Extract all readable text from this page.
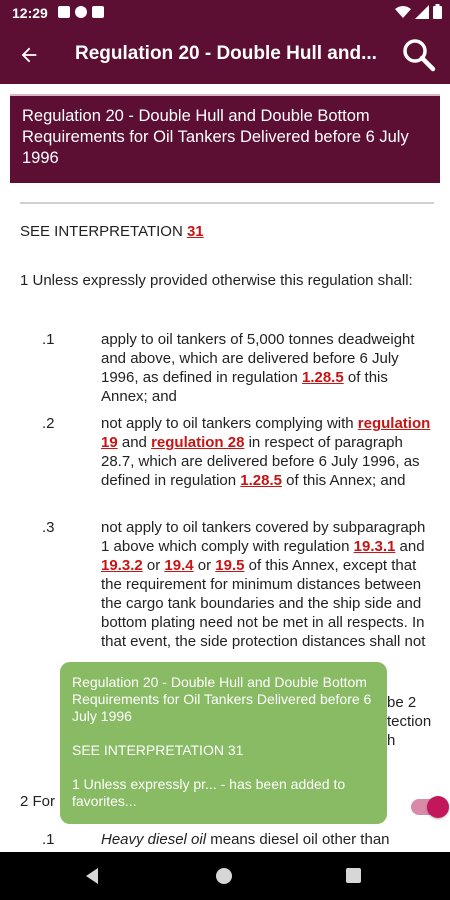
12:29
Regulation 20 - Double Hull and...
Regulation 20 - Double Hull and Double Bottom Requirements for Oil Tankers Delivered before 6 July 1996
SEE INTERPRETATION 31
1 Unless expressly provided otherwise this regulation shall:
.1	apply to oil tankers of 5,000 tonnes deadweight and above, which are delivered before 6 July 1996, as defined in regulation 1.28.5 of this Annex; and
.2	not apply to oil tankers complying with regulation 19 and regulation 28 in respect of paragraph 28.7, which are delivered before 6 July 1996, as defined in regulation 1.28.5 of this Annex; and
.3	not apply to oil tankers covered by subparagraph 1 above which comply with regulation 19.3.1 and 19.3.2 or 19.4 or 19.5 of this Annex, except that the requirement for minimum distances between the cargo tank boundaries and the ship side and bottom plating need not be met in all respects. In that event, the side protection distances shall not
be 2
tection
h
2 For
.1	Heavy diesel oil means diesel oil other than

Regulation 20 - Double Hull and Double Bottom Requirements for Oil Tankers Delivered before 6 July 1996

SEE INTERPRETATION 31

1 Unless expressly pr... - has been added to favorites...
